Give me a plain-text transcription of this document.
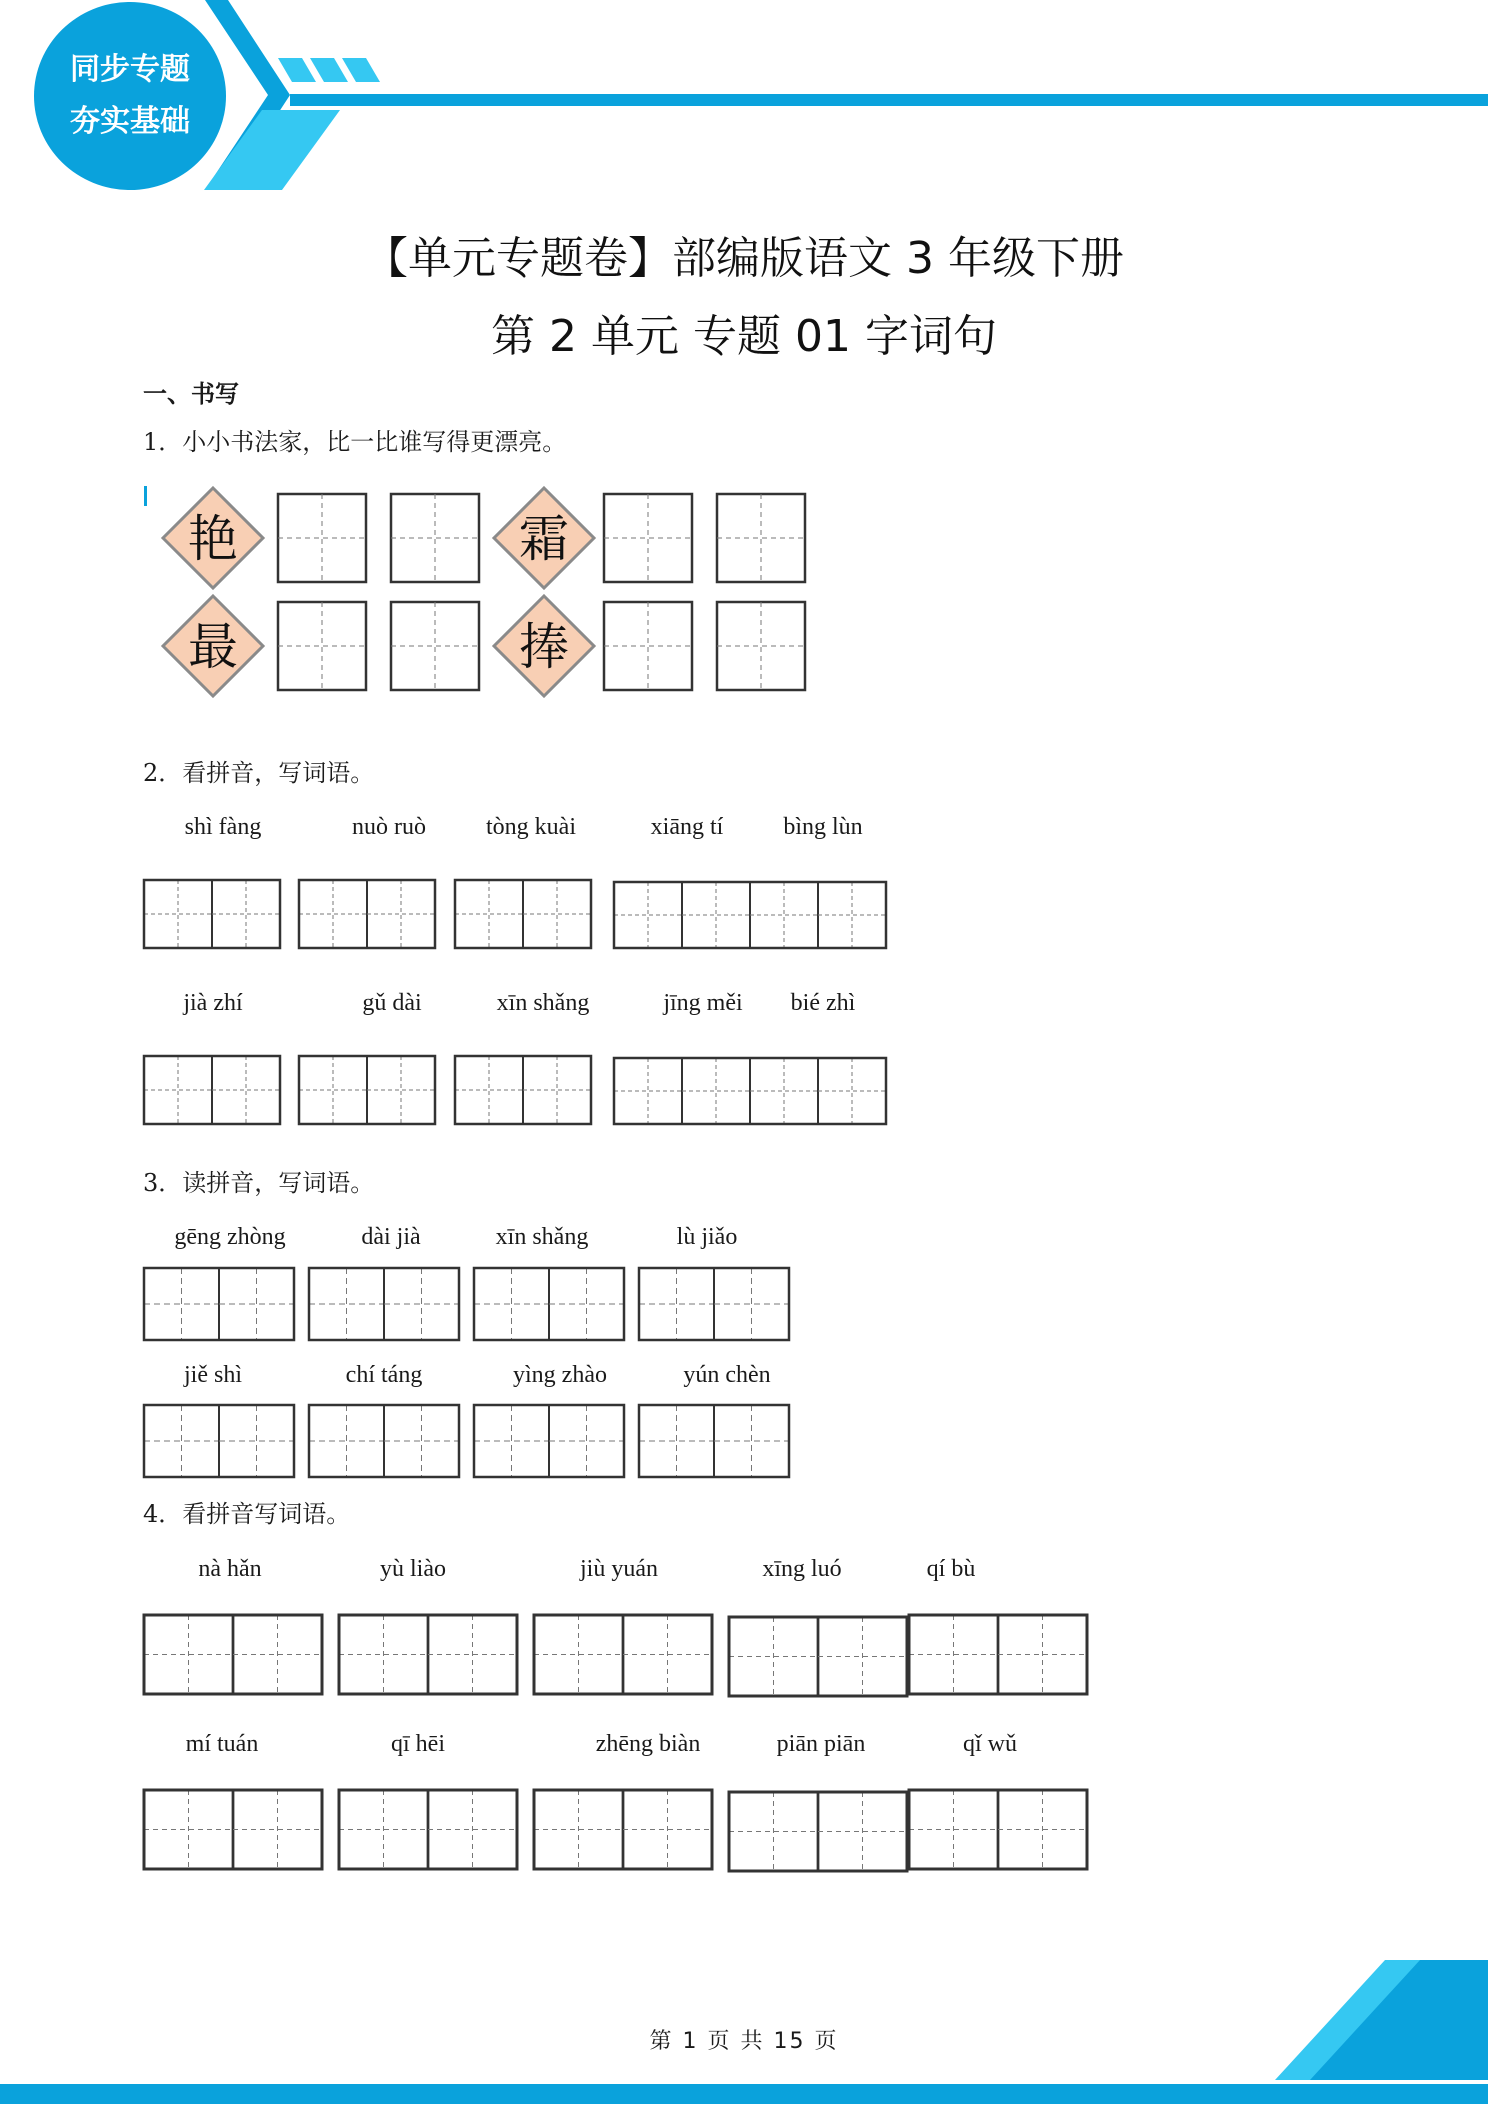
同步专题
夯实基础
【单元专题卷】部编版语文 3 年级下册
第 2 单元 专题 01 字词句
一、书写
1．小小书法家，比一比谁写得更漂亮。
艳	霜
最	捧
2．看拼音，写词语。
shì fàng	nuò ruò	tòng kuài	xiāng tí	bìng lùn
jià zhí	gǔ dài	xīn shǎng	jīng měi	bié zhì
3．读拼音，写词语。
gēng zhòng	dài jià	xīn shǎng	lù jiǎo
jiě shì	chí táng	yìng zhào	yún chèn
4．看拼音写词语。
nà hǎn	yù liào	jiù yuán	xīng luó	qí bù
mí tuán	qī hēi	zhēng biàn	piān piān	qǐ wǔ
第 1 页 共 15 页
